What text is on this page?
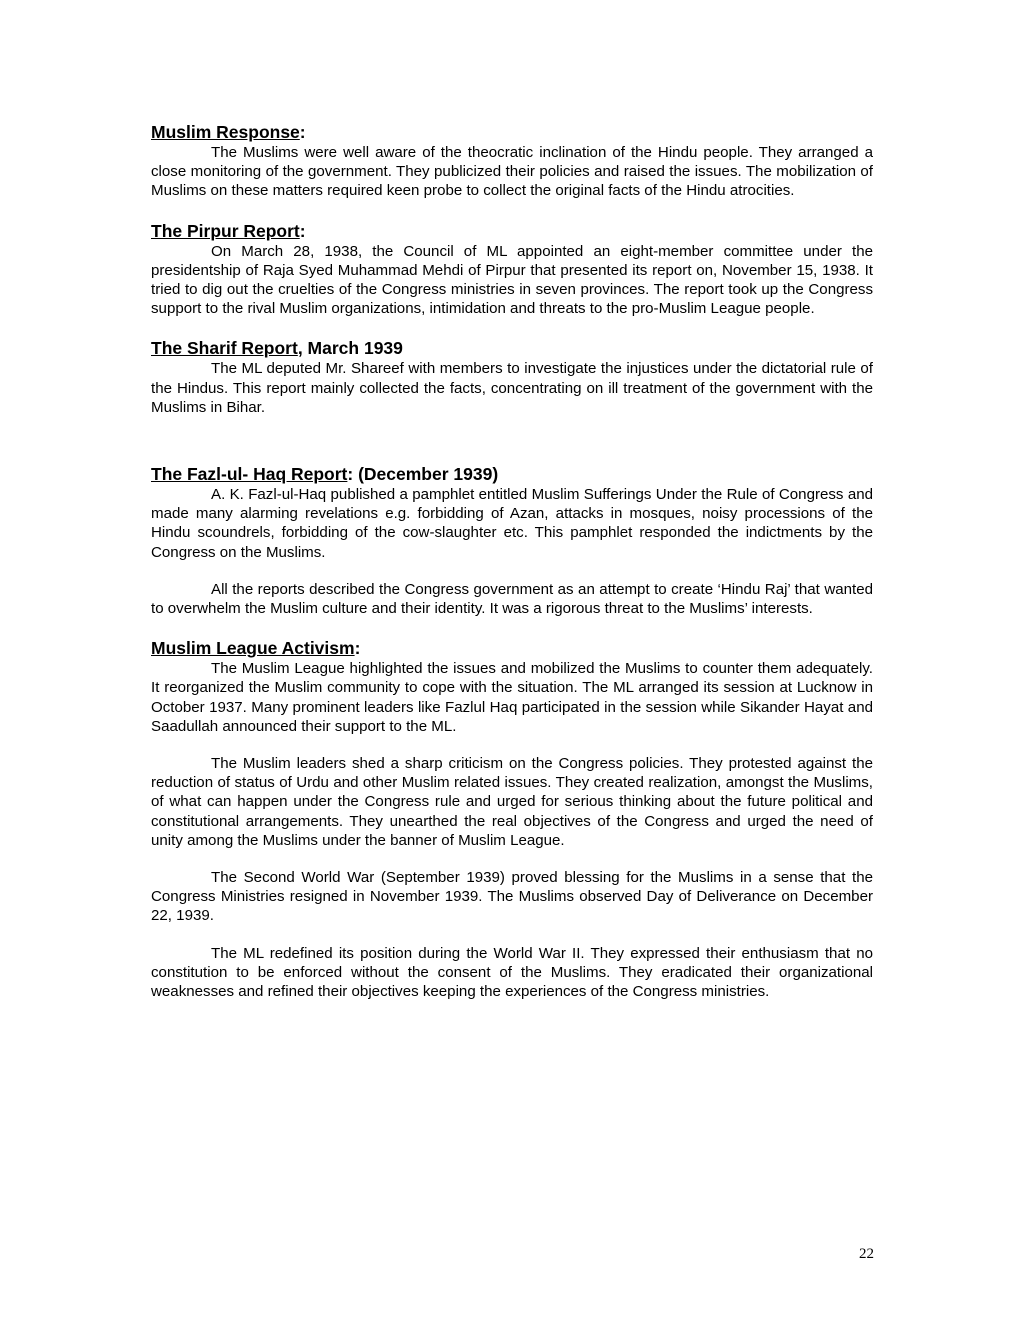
Muslim Response:

The Muslims were well aware of the theocratic inclination of the Hindu people. They arranged a close monitoring of the government. They publicized their policies and raised the issues. The mobilization of Muslims on these matters required keen probe to collect the original facts of the Hindu atrocities.

The Pirpur Report:

On March 28, 1938, the Council of ML appointed an eight-member committee under the presidentship of Raja Syed Muhammad Mehdi of Pirpur that presented its report on, November 15, 1938. It tried to dig out the cruelties of the Congress ministries in seven provinces. The report took up the Congress support to the rival Muslim organizations, intimidation and threats to the pro-Muslim League people.

The Sharif Report, March 1939

The ML deputed Mr. Shareef with members to investigate the injustices under the dictatorial rule of the Hindus. This report mainly collected the facts, concentrating on ill treatment of the government with the Muslims in Bihar.

The Fazl-ul- Haq Report: (December 1939)

A. K. Fazl-ul-Haq published a pamphlet entitled Muslim Sufferings Under the Rule of Congress and made many alarming revelations e.g. forbidding of Azan, attacks in mosques, noisy processions of the Hindu scoundrels, forbidding of the cow-slaughter etc. This pamphlet responded the indictments by the Congress on the Muslims.

All the reports described the Congress government as an attempt to create ‘Hindu Raj’ that wanted to overwhelm the Muslim culture and their identity. It was a rigorous threat to the Muslims’ interests.

Muslim League Activism:

The Muslim League highlighted the issues and mobilized the Muslims to counter them adequately. It reorganized the Muslim community to cope with the situation. The ML arranged its session at Lucknow in October 1937. Many prominent leaders like Fazlul Haq participated in the session while Sikander Hayat and Saadullah announced their support to the ML.

The Muslim leaders shed a sharp criticism on the Congress policies. They protested against the reduction of status of Urdu and other Muslim related issues. They created realization, amongst the Muslims, of what can happen under the Congress rule and urged for serious thinking about the future political and constitutional arrangements. They unearthed the real objectives of the Congress and urged the need of unity among the Muslims under the banner of Muslim League.

The Second World War (September 1939) proved blessing for the Muslims in a sense that the Congress Ministries resigned in November 1939. The Muslims observed Day of Deliverance on December 22, 1939.

The ML redefined its position during the World War II. They expressed their enthusiasm that no constitution to be enforced without the consent of the Muslims. They eradicated their organizational weaknesses and refined their objectives keeping the experiences of the Congress ministries.

22
